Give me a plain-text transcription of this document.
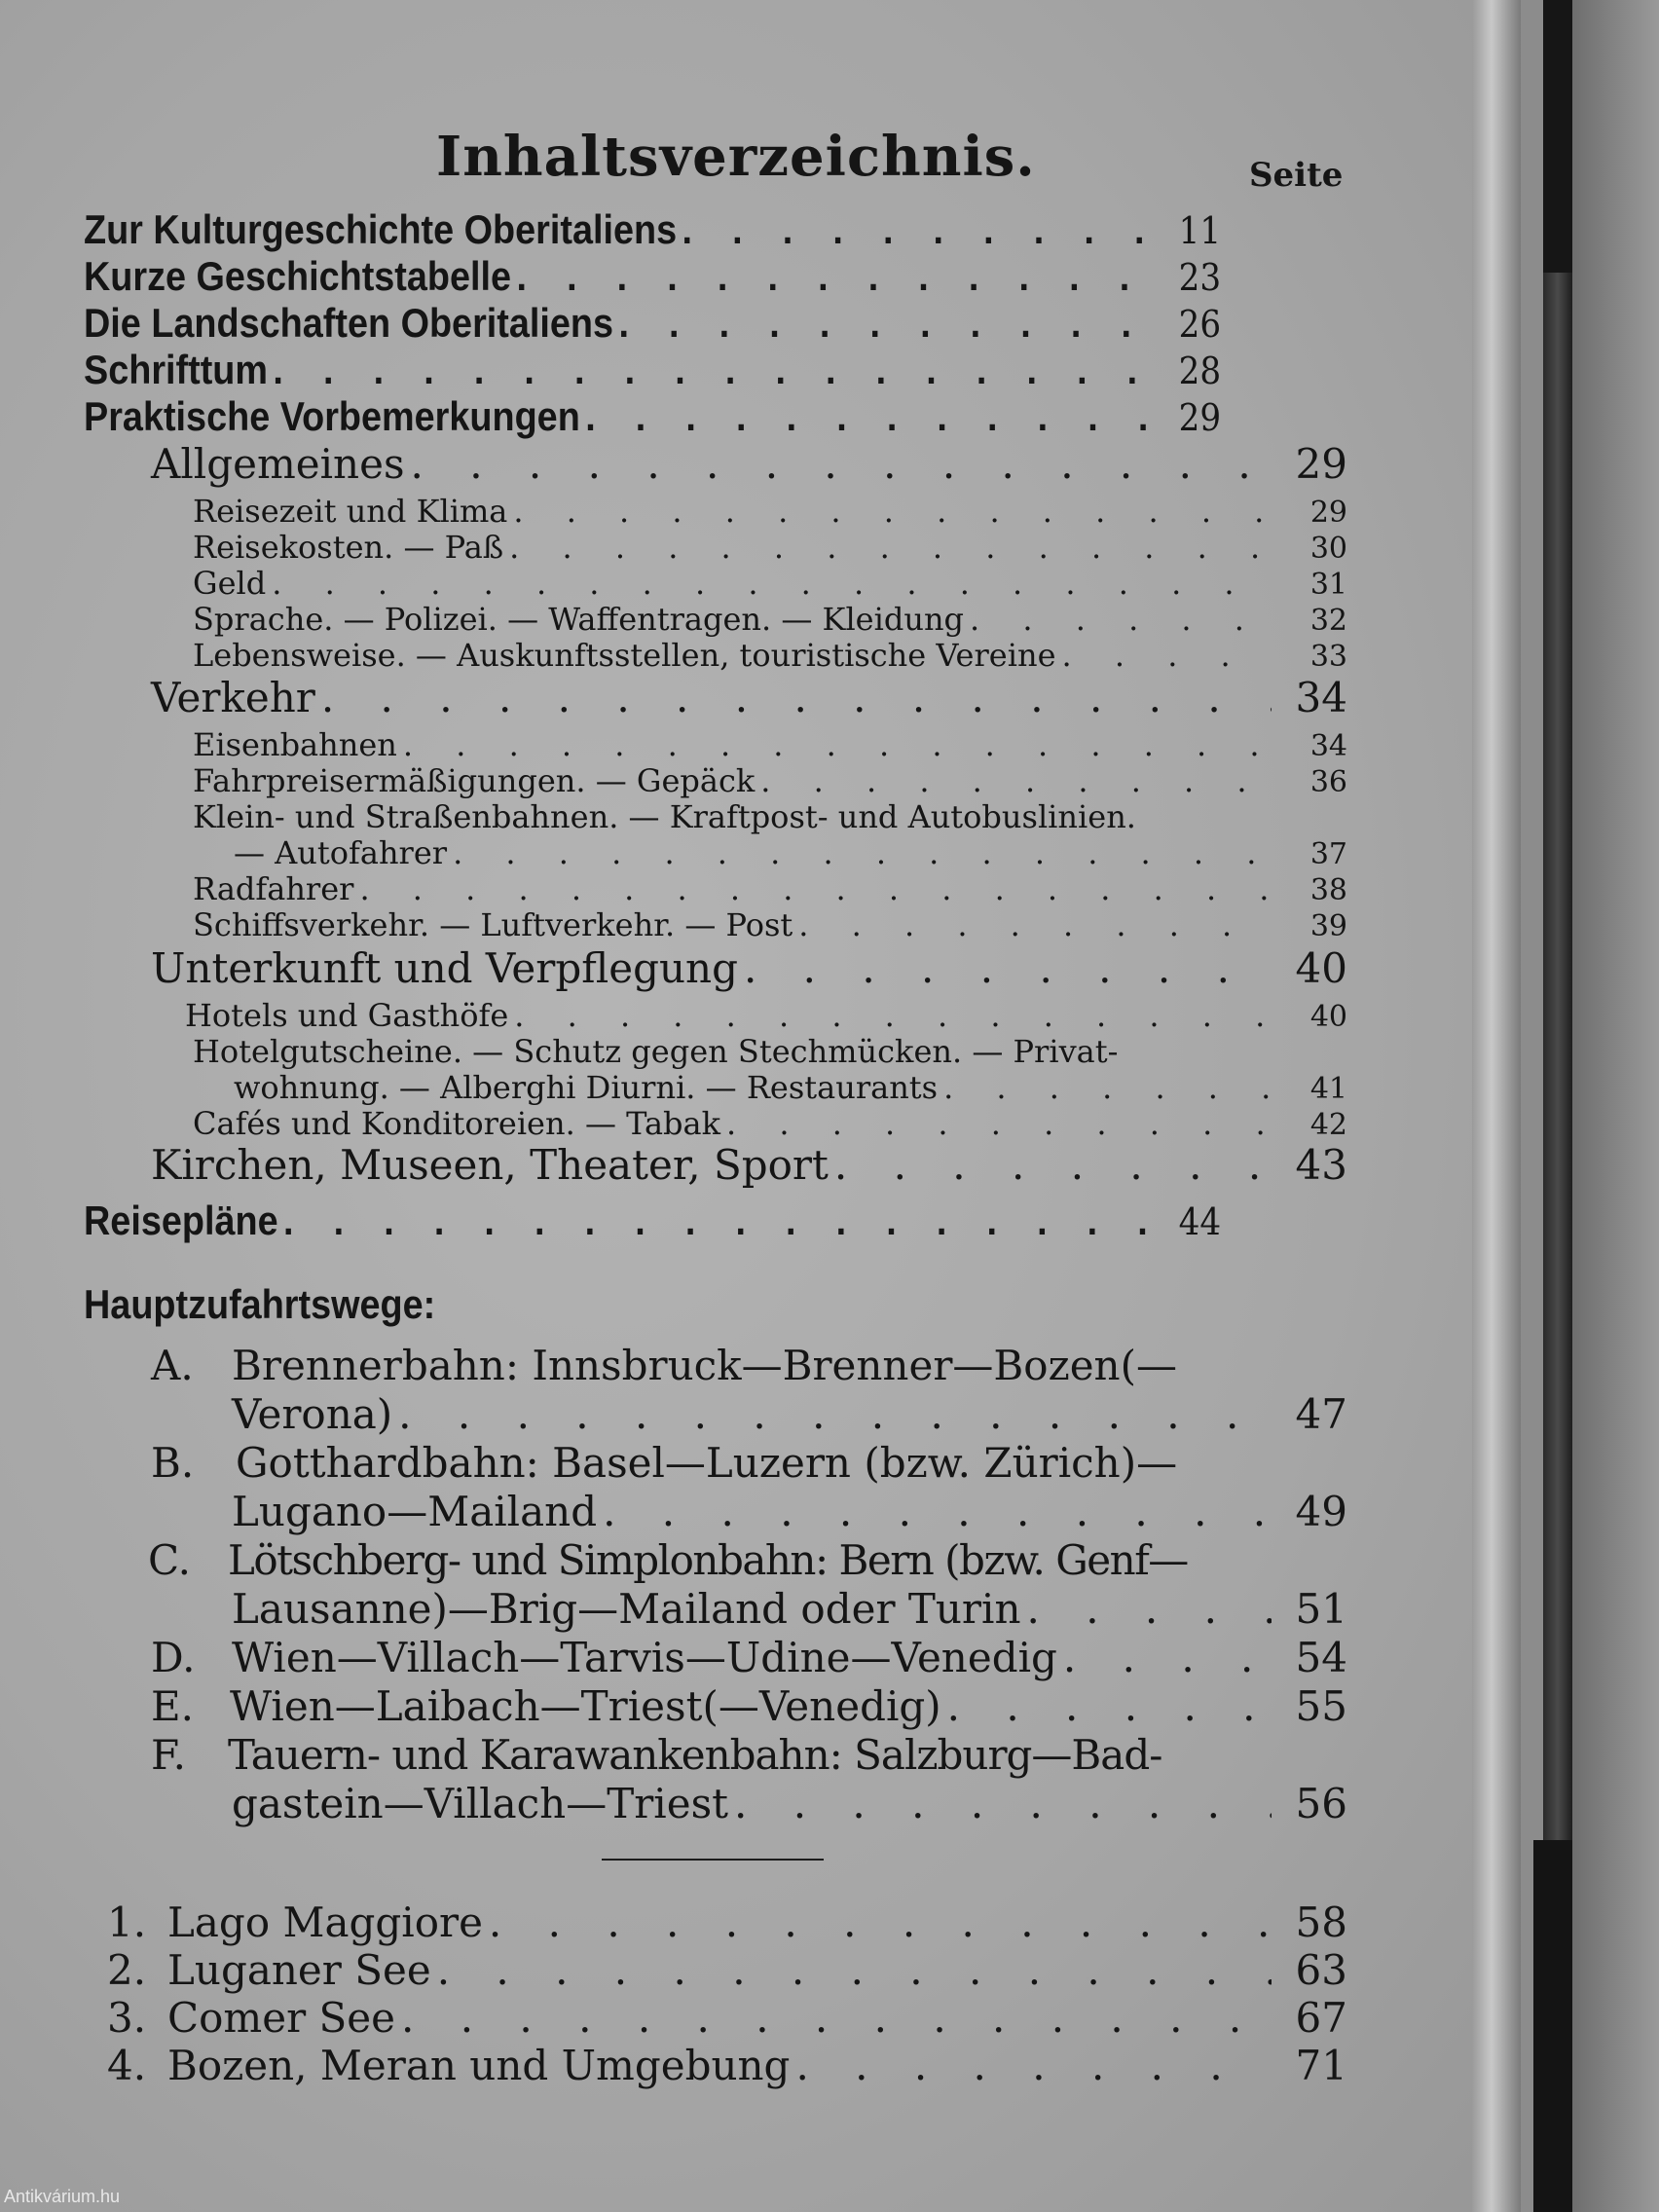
Inhaltsverzeichnis.	Seite
Zur Kulturgeschichte Oberitaliens . . .	11
Kurze Geschichtstabelle . . .	23
Die Landschaften Oberitaliens . . .	26
Schrifttum . . .	28
Praktische Vorbemerkungen . . .	29
Allgemeines . . .	29
Reisezeit und Klima . . .	29
Reisekosten. — Paß . . .	30
Geld . . .	31
Sprache. — Polizei. — Waffentragen. — Kleidung . . .	32
Lebensweise. — Auskunftsstellen, touristische Vereine . . .	33
Verkehr . . .	34
Eisenbahnen . . .	34
Fahrpreisermäßigungen. — Gepäck . . .	36
Klein- und Straßenbahnen. — Kraftpost- und Autobuslinien.
— Autofahrer . . .	37
Radfahrer . . .	38
Schiffsverkehr. — Luftverkehr. — Post . . .	39
Unterkunft und Verpflegung . . .	40
Hotels und Gasthöfe . . .	40
Hotelgutscheine. — Schutz gegen Stechmücken. — Privat-
wohnung. — Alberghi Diurni. — Restaurants . . .	41
Cafés und Konditoreien. — Tabak . . .	42
Kirchen, Museen, Theater, Sport . . .	43
Reisepläne . . .	44
Hauptzufahrtswege:
A. Brennerbahn: Innsbruck—Brenner—Bozen(—
Verona) . . .	47
B. Gotthardbahn: Basel—Luzern (bzw. Zürich)—
Lugano—Mailand . . .	49
C. Lötschberg- und Simplonbahn: Bern (bzw. Genf—
Lausanne)—Brig—Mailand oder Turin . . .	51
D. Wien—Villach—Tarvis—Udine—Venedig . . .	54
E. Wien—Laibach—Triest(—Venedig) . . .	55
F. Tauern- und Karawankenbahn: Salzburg—Bad-
gastein—Villach—Triest . . .	56
1. Lago Maggiore . . .	58
2. Luganer See . . .	63
3. Comer See . . .	67
4. Bozen, Meran und Umgebung . . .	71
Antikvárium.hu
